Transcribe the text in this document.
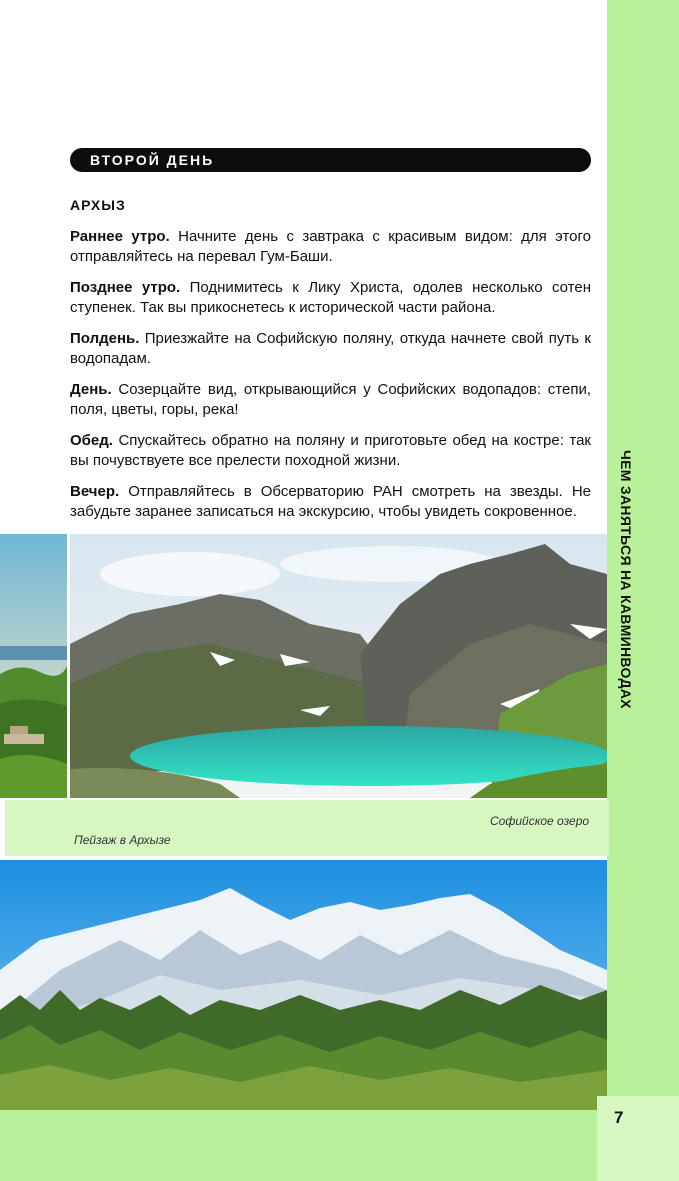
ЧЕМ ЗАНЯТЬСЯ НА КАВМИНВОДАХ
ВТОРОЙ ДЕНЬ
АРХЫЗ

Раннее утро. Начните день с завтрака с красивым видом: для этого отправляйтесь на перевал Гум-Баши.

Позднее утро. Поднимитесь к Лику Христа, одолев несколько сотен ступенек. Так вы прикоснетесь к исторической части района.

Полдень. Приезжайте на Софийскую поляну, откуда начнете свой путь к водопадам.

День. Созерцайте вид, открывающийся у Софийских водопадов: степи, поля, цветы, горы, река!

Обед. Спускайтесь обратно на поляну и приготовьте обед на костре: так вы почувствуете все прелести походной жизни.

Вечер. Отправляйтесь в Обсерваторию РАН смотреть на звезды. Не забудьте заранее записаться на экскурсию, чтобы увидеть сокровенное.

Софийское озеро
Пейзаж в Архызе
7
